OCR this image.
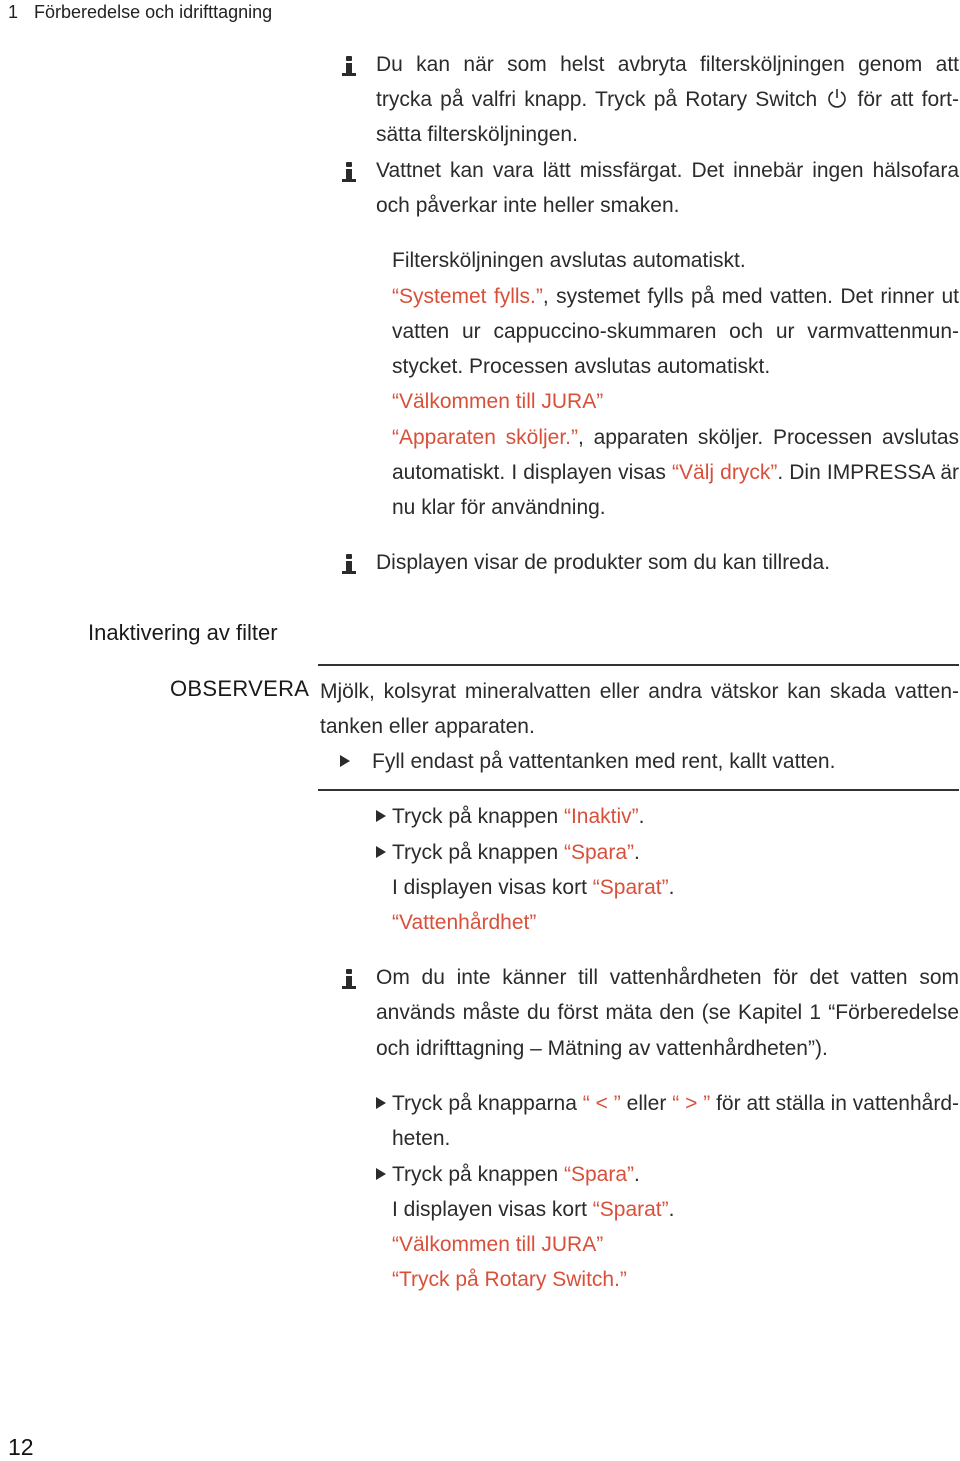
1 Förberedelse och idrifttagning
Du kan när som helst avbryta filtersköljningen genom att
trycka på valfri knapp. Tryck på Rotary Switch för att fort-
sätta filtersköljningen.
Vattnet kan vara lätt missfärgat. Det innebär ingen hälsofara
och påverkar inte heller smaken.
Filtersköljningen avslutas automatiskt.
“Systemet fylls.”, systemet fylls på med vatten. Det rinner ut
vatten ur cappuccino-skummaren och ur varmvattenmun-
stycket. Processen avslutas automatiskt.
“Välkommen till JURA”
“Apparaten sköljer.”, apparaten sköljer. Processen avslutas
automatiskt. I displayen visas “Välj dryck”. Din IMPRESSA är
nu klar för användning.
Displayen visar de produkter som du kan tillreda.
Inaktivering av filter
OBSERVERA Mjölk, kolsyrat mineralvatten eller andra vätskor kan skada vatten-
tanken eller apparaten.
Fyll endast på vattentanken med rent, kallt vatten.
Tryck på knappen “Inaktiv”.
Tryck på knappen “Spara”.
I displayen visas kort “Sparat”.
“Vattenhårdhet”
Om du inte känner till vattenhårdheten för det vatten som
används måste du först mäta den (se Kapitel 1 “Förberedelse
och idrifttagning – Mätning av vattenhårdheten”).
Tryck på knapparna “ < ” eller “ > ” för att ställa in vattenhård-
heten.
Tryck på knappen “Spara”.
I displayen visas kort “Sparat”.
“Välkommen till JURA”
“Tryck på Rotary Switch.”
12
